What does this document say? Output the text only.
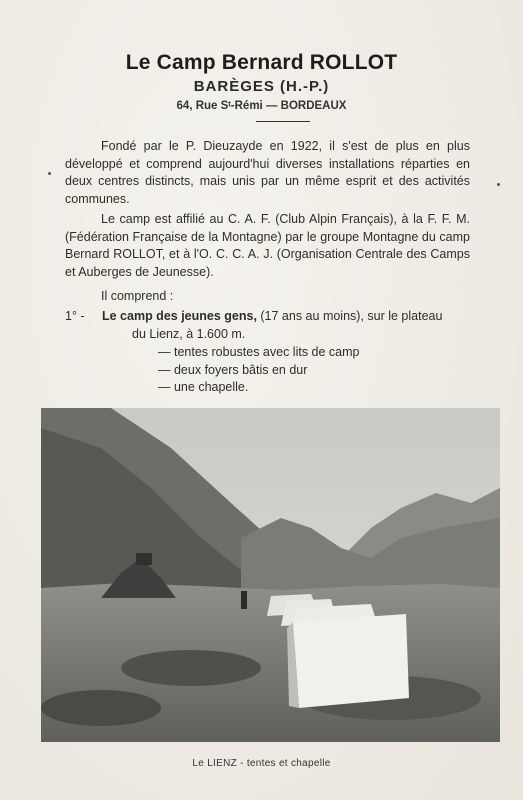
Le Camp Bernard ROLLOT
BARÈGES (H.-P.)
64, Rue Sᵗ-Rémi — BORDEAUX
Fondé par le P. Dieuzayde en 1922, il s'est de plus en plus développé et comprend aujourd'hui diverses installations réparties en deux centres distincts, mais unis par un même esprit et des activités communes.
Le camp est affilié au C. A. F. (Club Alpin Français), à la F. F. M. (Fédération Française de la Montagne) par le groupe Montagne du camp Bernard ROLLOT, et à l'O. C. C. A. J. (Organisation Centrale des Camps et Auberges de Jeunesse).
Il comprend :
1° - Le camp des jeunes gens, (17 ans au moins), sur le plateau
du Lienz, à 1.600 m.
— tentes robustes avec lits de camp
— deux foyers bâtis en dur
— une chapelle.
Le LIENZ - tentes et chapelle
